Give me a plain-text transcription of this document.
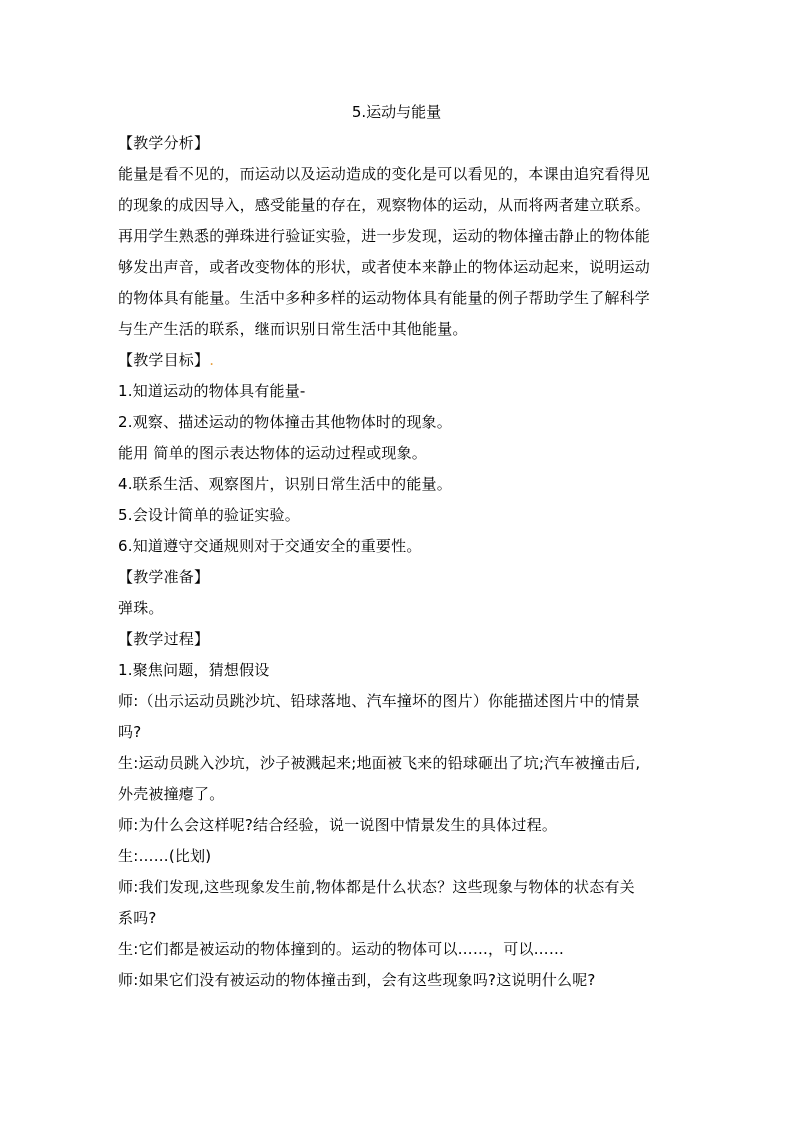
5.运动与能量

【教学分析】

能量是看不见的，而运动以及运动造成的变化是可以看见的，本课由追究看得见

的现象的成因导入，感受能量的存在，观察物体的运动，从而将两者建立联系。

再用学生熟悉的弹珠进行验证实验，进一步发现，运动的物体撞击静止的物体能

够发出声音，或者改变物体的形状，或者使本来静止的物体运动起来，说明运动

的物体具有能量。生活中多种多样的运动物体具有能量的例子帮助学生了解科学

与生产生活的联系，继而识别日常生活中其他能量。

【教学目标】.

1.知道运动的物体具有能量-

2.观察、描述运动的物体撞击其他物体时的现象。

能用 简单的图示表达物体的运动过程或现象。

4.联系生活、观察图片，识别日常生活中的能量。

5.会设计简单的验证实验。

6.知道遵守交通规则对于交通安全的重要性。

【教学准备】

弹珠。

【教学过程】

1.聚焦问题，猜想假设

师:（出示运动员跳沙坑、铅球落地、汽车撞坏的图片）你能描述图片中的情景

吗?

生:运动员跳入沙坑，沙子被溅起来;地面被飞来的铅球砸出了坑;汽车被撞击后,

外壳被撞瘪了。

师:为什么会这样呢?结合经验，说一说图中情景发生的具体过程。

生:……(比划)

师:我们发现,这些现象发生前,物体都是什么状态？这些现象与物体的状态有关

系吗?

生:它们都是被运动的物体撞到的。运动的物体可以……，可以……

师:如果它们没有被运动的物体撞击到，会有这些现象吗?这说明什么呢?
